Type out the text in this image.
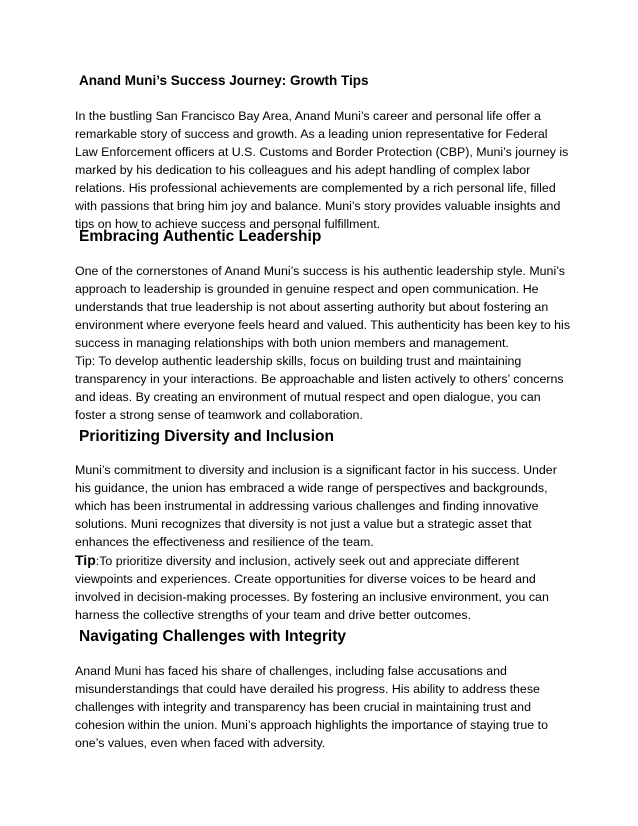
Anand Muni’s Success Journey: Growth Tips

In the bustling San Francisco Bay Area, Anand Muni’s career and personal life offer a remarkable story of success and growth. As a leading union representative for Federal Law Enforcement officers at U.S. Customs and Border Protection (CBP), Muni’s journey is marked by his dedication to his colleagues and his adept handling of complex labor relations. His professional achievements are complemented by a rich personal life, filled with passions that bring him joy and balance. Muni’s story provides valuable insights and tips on how to achieve success and personal fulfillment.

Embracing Authentic Leadership

One of the cornerstones of Anand Muni’s success is his authentic leadership style. Muni’s approach to leadership is grounded in genuine respect and open communication. He understands that true leadership is not about asserting authority but about fostering an environment where everyone feels heard and valued. This authenticity has been key to his success in managing relationships with both union members and management.

Tip: To develop authentic leadership skills, focus on building trust and maintaining transparency in your interactions. Be approachable and listen actively to others’ concerns and ideas. By creating an environment of mutual respect and open dialogue, you can foster a strong sense of teamwork and collaboration.

Prioritizing Diversity and Inclusion

Muni’s commitment to diversity and inclusion is a significant factor in his success. Under his guidance, the union has embraced a wide range of perspectives and backgrounds, which has been instrumental in addressing various challenges and finding innovative solutions. Muni recognizes that diversity is not just a value but a strategic asset that enhances the effectiveness and resilience of the team.

Tip:To prioritize diversity and inclusion, actively seek out and appreciate different viewpoints and experiences. Create opportunities for diverse voices to be heard and involved in decision-making processes. By fostering an inclusive environment, you can harness the collective strengths of your team and drive better outcomes.

Navigating Challenges with Integrity

Anand Muni has faced his share of challenges, including false accusations and misunderstandings that could have derailed his progress. His ability to address these challenges with integrity and transparency has been crucial in maintaining trust and cohesion within the union. Muni’s approach highlights the importance of staying true to one’s values, even when faced with adversity.
